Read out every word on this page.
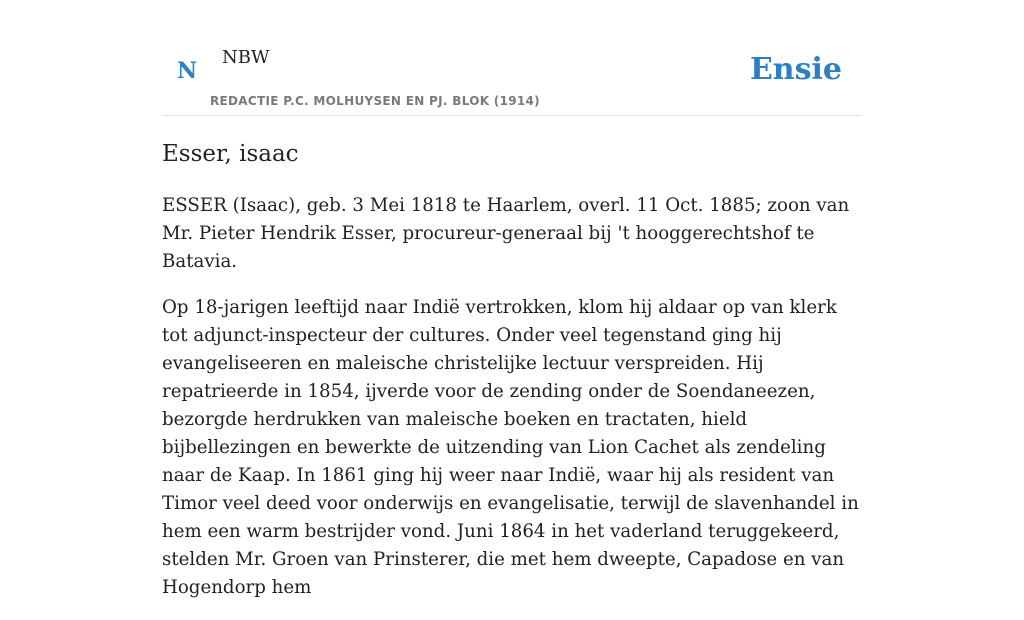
N
NBW
REDACTIE P.C. MOLHUYSEN EN PJ. BLOK (1914)
Ensie
Esser, isaac

ESSER (Isaac), geb. 3 Mei 1818 te Haarlem, overl. 11 Oct. 1885; zoon van Mr. Pieter Hendrik Esser, procureur-generaal bij 't hooggerechtshof te Batavia.

Op 18-jarigen leeftijd naar Indië vertrokken, klom hij aldaar op van klerk tot adjunct-inspecteur der cultures. Onder veel tegenstand ging hij evangeliseeren en maleische christelijke lectuur verspreiden. Hij repatrieerde in 1854, ijverde voor de zending onder de Soendaneezen, bezorgde herdrukken van maleische boeken en tractaten, hield bijbellezingen en bewerkte de uitzending van Lion Cachet als zendeling naar de Kaap. In 1861 ging hij weer naar Indië, waar hij als resident van Timor veel deed voor onderwijs en evangelisatie, terwijl de slavenhandel in hem een warm bestrijder vond. Juni 1864 in het vaderland teruggekeerd, stelden Mr. Groen van Prinsterer, die met hem dweepte, Capadose en van Hogendorp hem
